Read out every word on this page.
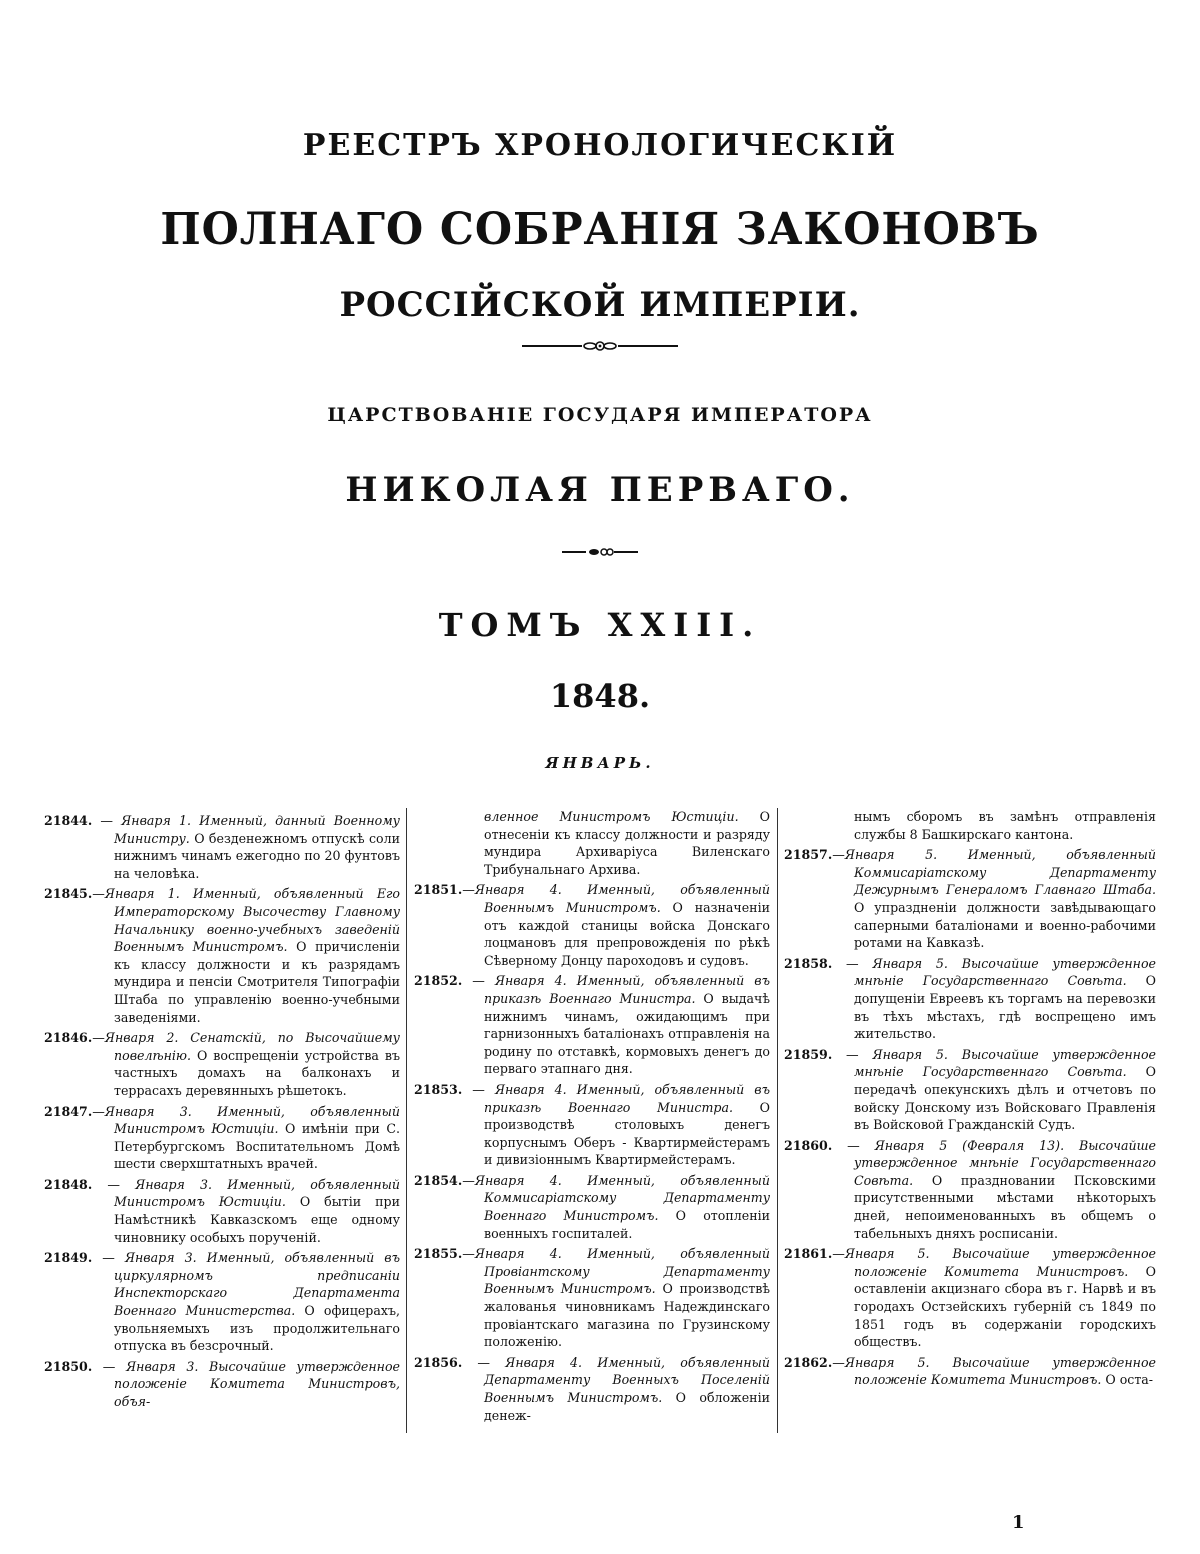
РЕЕСТРЪ ХРОНОЛОГИЧЕСКІЙ
ПОЛНАГО СОБРАНІЯ ЗАКОНОВЪ
РОССІЙСКОЙ ИМПЕРІИ.
ЦАРСТВОВАНІЕ ГОСУДАРЯ ИМПЕРАТОРА
НИКОЛАЯ ПЕРВАГО.
ТОМЪ XXIII.
1848.
ЯНВАРЬ.

21844. — Января 1. Именный, данный Военному Министру. О безденежномъ отпускѣ соли нижнимъ чинамъ ежегодно по 20 фунтовъ на человѣка.

21845.—Января 1. Именный, объявленный Его Императорскому Высочеству Главному Начальнику военно-учебныхъ заведеній Военнымъ Министромъ. О причисленіи къ классу должности и къ разрядамъ мундира и пенсіи Смотрителя Типографіи Штаба по управленію военно-учебными заведеніями.

21846.—Января 2. Сенатскій, по Высочайшему повелѣнію. О воспрещеніи устройства въ частныхъ домахъ на балконахъ и террасахъ деревянныхъ рѣшетокъ.

21847.—Января 3. Именный, объявленный Министромъ Юстиціи. О имѣніи при С. Петербургскомъ Воспитательномъ Домѣ шести сверхштатныхъ врачей.

21848. — Января 3. Именный, объявленный Министромъ Юстиціи. О бытіи при Намѣстникѣ Кавказскомъ еще одному чиновнику особыхъ порученій.

21849. — Января 3. Именный, объявленный въ циркулярномъ предписаніи Инспекторскаго Департамента Военнаго Министерства. О офицерахъ, увольняемыхъ изъ продолжительнаго отпуска въ безсрочный.

21850. — Января 3. Высочайше утвержденное положеніе Комитета Министровъ, объя-

вленное Министромъ Юстиціи. О отнесеніи къ классу должности и разряду мундира Архиваріуса Виленскаго Трибунальнаго Архива.

21851.—Января 4. Именный, объявленный Военнымъ Министромъ. О назначеніи отъ каждой станицы войска Донскаго лоцмановъ для препровожденія по рѣкѣ Сѣверному Донцу пароходовъ и судовъ.

21852. — Января 4. Именный, объявленный въ приказѣ Военнаго Министра. О выдачѣ нижнимъ чинамъ, ожидающимъ при гарнизонныхъ баталіонахъ отправленія на родину по отставкѣ, кормовыхъ денегъ до перваго этапнаго дня.

21853. — Января 4. Именный, объявленный въ приказѣ Военнаго Министра. О производствѣ столовыхъ денегъ корпуснымъ Оберъ - Квартирмейстерамъ и дивизіоннымъ Квартирмейстерамъ.

21854.—Января 4. Именный, объявленный Коммисаріатскому Департаменту Военнаго Министромъ. О отопленіи военныхъ госпиталей.

21855.—Января 4. Именный, объявленный Провіантскому Департаменту Военнымъ Министромъ. О производствѣ жалованья чиновникамъ Надеждинскаго провіантскаго магазина по Грузинскому положенію.

21856. — Января 4. Именный, объявленный Департаменту Военныхъ Поселеній Военнымъ Министромъ. О обложеніи денеж-

нымъ сборомъ въ замѣнъ отправленія службы 8 Башкирскаго кантона.

21857.—Января 5. Именный, объявленный Коммисаріатскому Департаменту Дежурнымъ Генераломъ Главнаго Штаба. О упраздненіи должности завѣдывающаго саперными баталіонами и военно-рабочими ротами на Кавказѣ.

21858. — Января 5. Высочайше утвержденное мнѣніе Государственнаго Совѣта. О допущеніи Евреевъ къ торгамъ на перевозки въ тѣхъ мѣстахъ, гдѣ воспрещено имъ жительство.

21859. — Января 5. Высочайше утвержденное мнѣніе Государственнаго Совѣта. О передачѣ опекунскихъ дѣлъ и отчетовъ по войску Донскому изъ Войсковаго Правленія въ Войсковой Гражданскій Судъ.

21860. — Января 5 (Февраля 13). Высочайше утвержденное мнѣніе Государственнаго Совѣта. О праздновании Псковскими присутственными мѣстами нѣкоторыхъ дней, непоименованныхъ въ общемъ о табельныхъ дняхъ росписаніи.

21861.—Января 5. Высочайше утвержденное положеніе Комитета Министровъ. О оставленіи акцизнаго сбора въ г. Нарвѣ и въ городахъ Остзейскихъ губерній съ 1849 по 1851 годъ въ содержаніи городскихъ обществъ.

21862.—Января 5. Высочайше утвержденное положеніе Комитета Министровъ. О оста-

1
